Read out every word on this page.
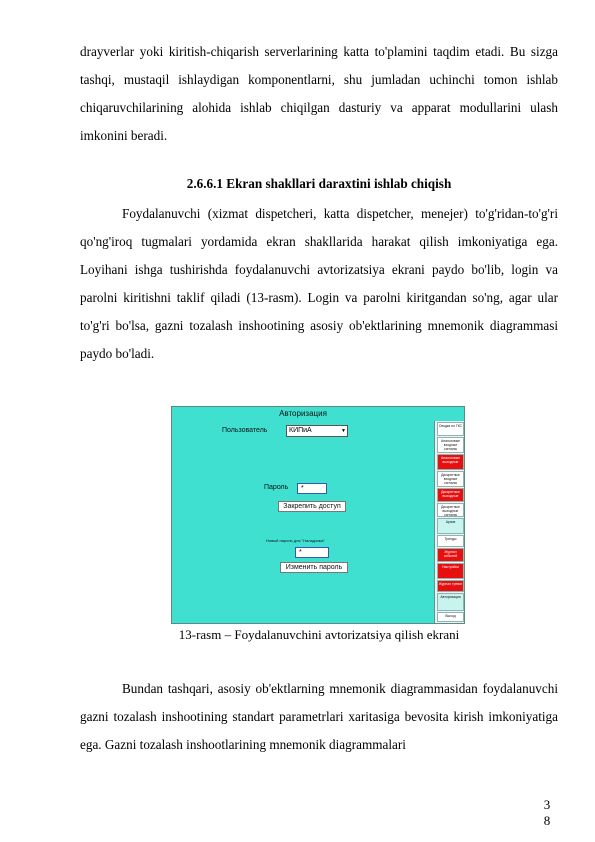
drayverlar yoki kiritish-chiqarish serverlarining katta to'plamini taqdim etadi. Bu sizga tashqi, mustaqil ishlaydigan komponentlarni, shu jumladan uchinchi tomon ishlab chiqaruvchilarining alohida ishlab chiqilgan dasturiy va apparat modullarini ulash imkonini beradi.
2.6.6.1 Ekran shakllari daraxtini ishlab chiqish
Foydalanuvchi (xizmat dispetcheri, katta dispetcher, menejer) to'g'ridan-to'g'ri qo'ng'iroq tugmalari yordamida ekran shakllarida harakat qilish imkoniyatiga ega. Loyihani ishga tushirishda foydalanuvchi avtorizatsiya ekrani paydo bo'lib, login va parolni kiritishni taklif qiladi (13-rasm). Login va parolni kiritgandan so'ng, agar ular to'g'ri bo'lsa, gazni tozalash inshootining asosiy ob'ektlarining mnemonik diagrammasi paydo bo'ladi.
Авторизация
Пользователь	КИПиА	▼
Пароль	*
Закрепить доступ
Новый пароль для "Наладчика"
*
Изменить пароль
Сводка по ГКС
Аналоговые входные сигналы
Аналоговые выходные
Дискретные входные сигналы
Дискретные выходные
Дискретные выходные сигналы
Архив
Тренды
Журнал событий
Настройки
Журнал тревог
Авторизация
Выход
13-rasm – Foydalanuvchini avtorizatsiya qilish ekrani
Bundan tashqari, asosiy ob'ektlarning mnemonik diagrammasidan foydalanuvchi gazni tozalash inshootining standart parametrlari xaritasiga bevosita kirish imkoniyatiga ega. Gazni tozalash inshootlarining mnemonik diagrammalari
3
8
